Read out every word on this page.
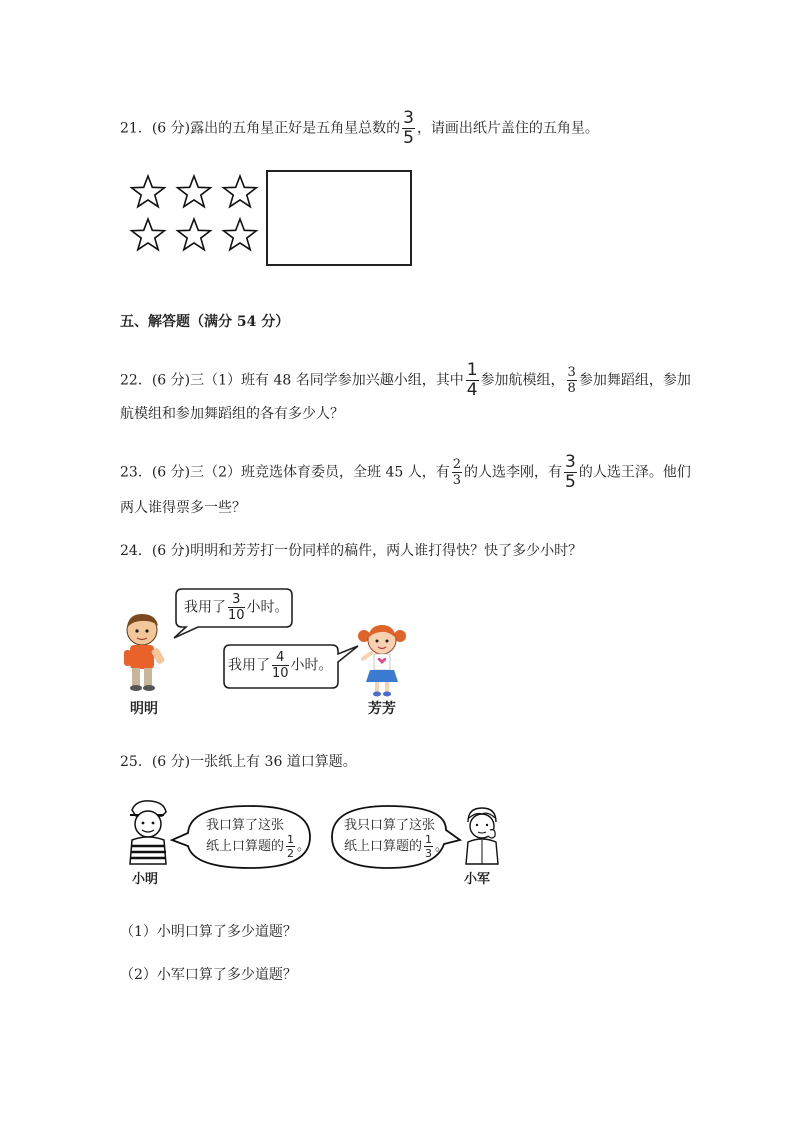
21．(6 分)露出的五角星正好是五角星总数的 $\frac{3}{5}$ ，请画出纸片盖住的五角星。
五、解答题（满分 54 分）
22．(6 分)三（1）班有 48 名同学参加兴趣小组，其中 $\frac{1}{4}$ 参加航模组， $\frac{3}{8}$ 参加舞蹈组，参加
航模组和参加舞蹈组的各有多少人？
23．(6 分)三（2）班竞选体育委员，全班 45 人，有 $\frac{2}{3}$ 的人选李刚，有 $\frac{3}{5}$ 的人选王泽。他们
两人谁得票多一些？
24．(6 分)明明和芳芳打一份同样的稿件，两人谁打得快？快了多少小时？
我用了 $\frac{3}{10}$ 小时。
明明
我用了 $\frac{4}{10}$ 小时。
芳芳
25．(6 分)一张纸上有 36 道口算题。
小明
我口算了这张
纸上口算题的 $\frac{1}{2}$ 。
我只口算了这张
纸上口算题的 $\frac{1}{3}$ 。
小军
（1）小明口算了多少道题？
（2）小军口算了多少道题？
